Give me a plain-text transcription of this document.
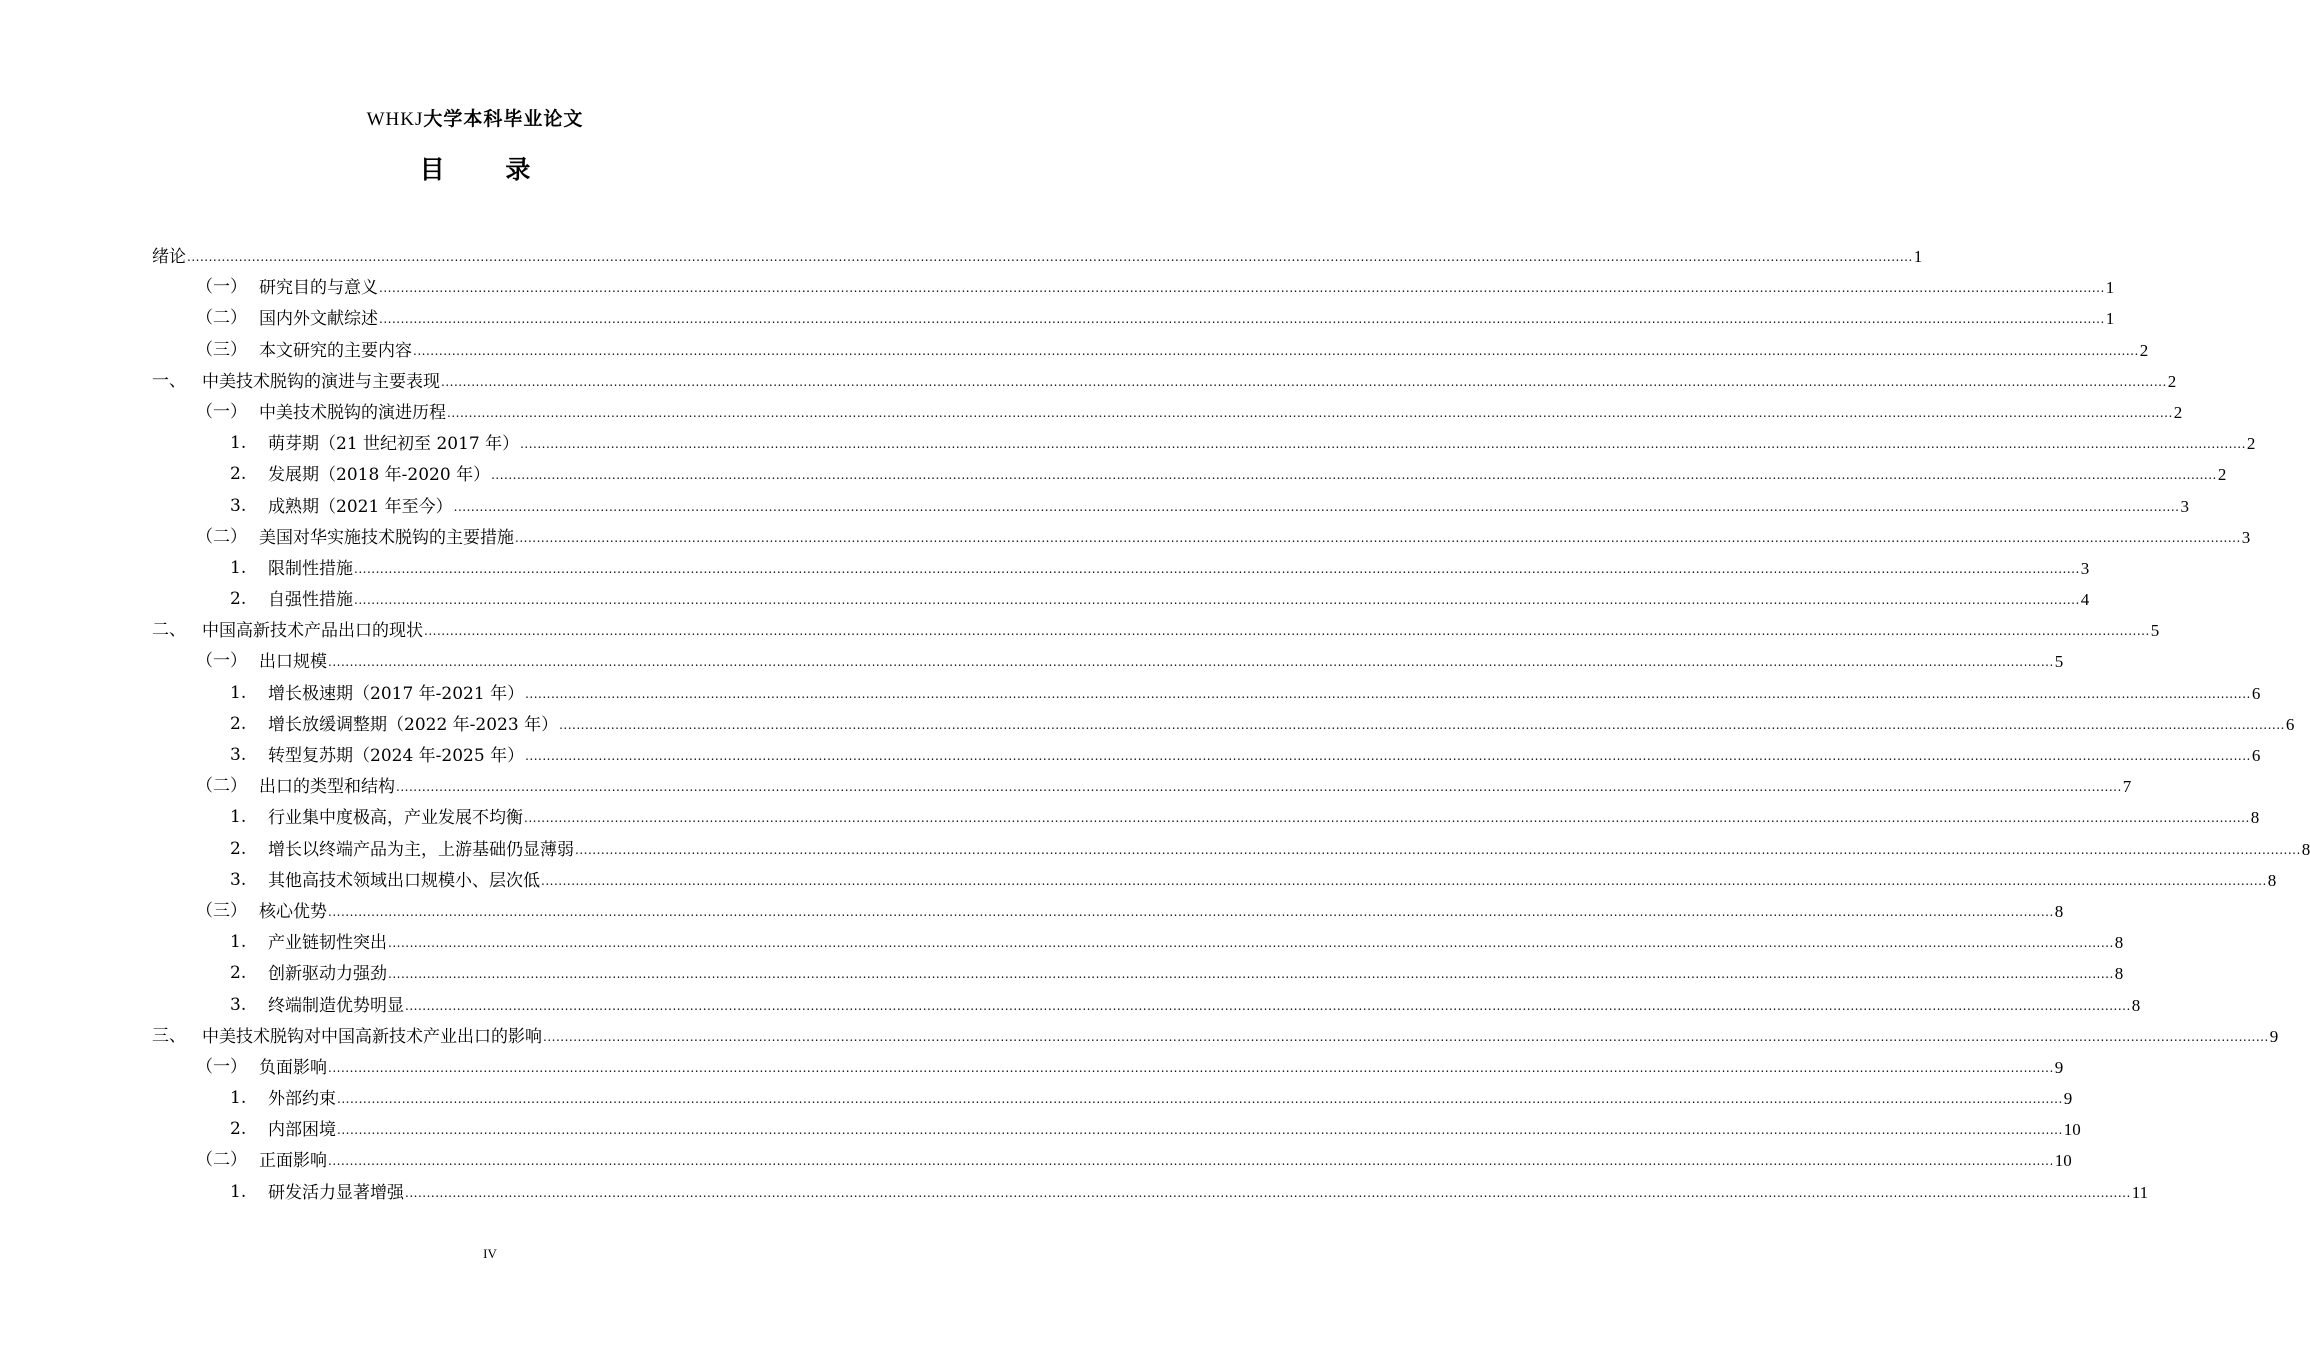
WHKJ大学本科毕业论文
目 录
绪论 ................................................................................................................................................................................................................................................................................................................................................................................................................ 1
（一） 研究目的与意义 ................................................................................................................................................................................................................................................................................................................................................................................................................ 1
（二） 国内外文献综述 ................................................................................................................................................................................................................................................................................................................................................................................................................ 1
（三） 本文研究的主要内容 ................................................................................................................................................................................................................................................................................................................................................................................................................ 2
一、 中美技术脱钩的演进与主要表现 ................................................................................................................................................................................................................................................................................................................................................................................................................ 2
（一） 中美技术脱钩的演进历程 ................................................................................................................................................................................................................................................................................................................................................................................................................ 2
1. 萌芽期（21 世纪初至 2017 年） ................................................................................................................................................................................................................................................................................................................................................................................................................ 2
2. 发展期（2018 年-2020 年） ................................................................................................................................................................................................................................................................................................................................................................................................................ 2
3. 成熟期（2021 年至今） ................................................................................................................................................................................................................................................................................................................................................................................................................ 3
（二） 美国对华实施技术脱钩的主要措施 ................................................................................................................................................................................................................................................................................................................................................................................................................ 3
1. 限制性措施 ................................................................................................................................................................................................................................................................................................................................................................................................................ 3
2. 自强性措施 ................................................................................................................................................................................................................................................................................................................................................................................................................ 4
二、 中国高新技术产品出口的现状 ................................................................................................................................................................................................................................................................................................................................................................................................................ 5
（一） 出口规模 ................................................................................................................................................................................................................................................................................................................................................................................................................ 5
1. 增长极速期（2017 年-2021 年） ................................................................................................................................................................................................................................................................................................................................................................................................................ 6
2. 增长放缓调整期（2022 年-2023 年） ................................................................................................................................................................................................................................................................................................................................................................................................................ 6
3. 转型复苏期（2024 年-2025 年） ................................................................................................................................................................................................................................................................................................................................................................................................................ 6
（二） 出口的类型和结构 ................................................................................................................................................................................................................................................................................................................................................................................................................ 7
1. 行业集中度极高，产业发展不均衡 ................................................................................................................................................................................................................................................................................................................................................................................................................ 8
2. 增长以终端产品为主，上游基础仍显薄弱 ................................................................................................................................................................................................................................................................................................................................................................................................................ 8
3. 其他高技术领域出口规模小、层次低 ................................................................................................................................................................................................................................................................................................................................................................................................................ 8
（三） 核心优势 ................................................................................................................................................................................................................................................................................................................................................................................................................ 8
1. 产业链韧性突出 ................................................................................................................................................................................................................................................................................................................................................................................................................ 8
2. 创新驱动力强劲 ................................................................................................................................................................................................................................................................................................................................................................................................................ 8
3. 终端制造优势明显 ................................................................................................................................................................................................................................................................................................................................................................................................................ 8
三、 中美技术脱钩对中国高新技术产业出口的影响 ................................................................................................................................................................................................................................................................................................................................................................................................................ 9
（一） 负面影响 ................................................................................................................................................................................................................................................................................................................................................................................................................ 9
1. 外部约束 ................................................................................................................................................................................................................................................................................................................................................................................................................ 9
2. 内部困境 ................................................................................................................................................................................................................................................................................................................................................................................................................ 10
（二） 正面影响 ................................................................................................................................................................................................................................................................................................................................................................................................................ 10
1. 研发活力显著增强 ................................................................................................................................................................................................................................................................................................................................................................................................................ 11
IV
